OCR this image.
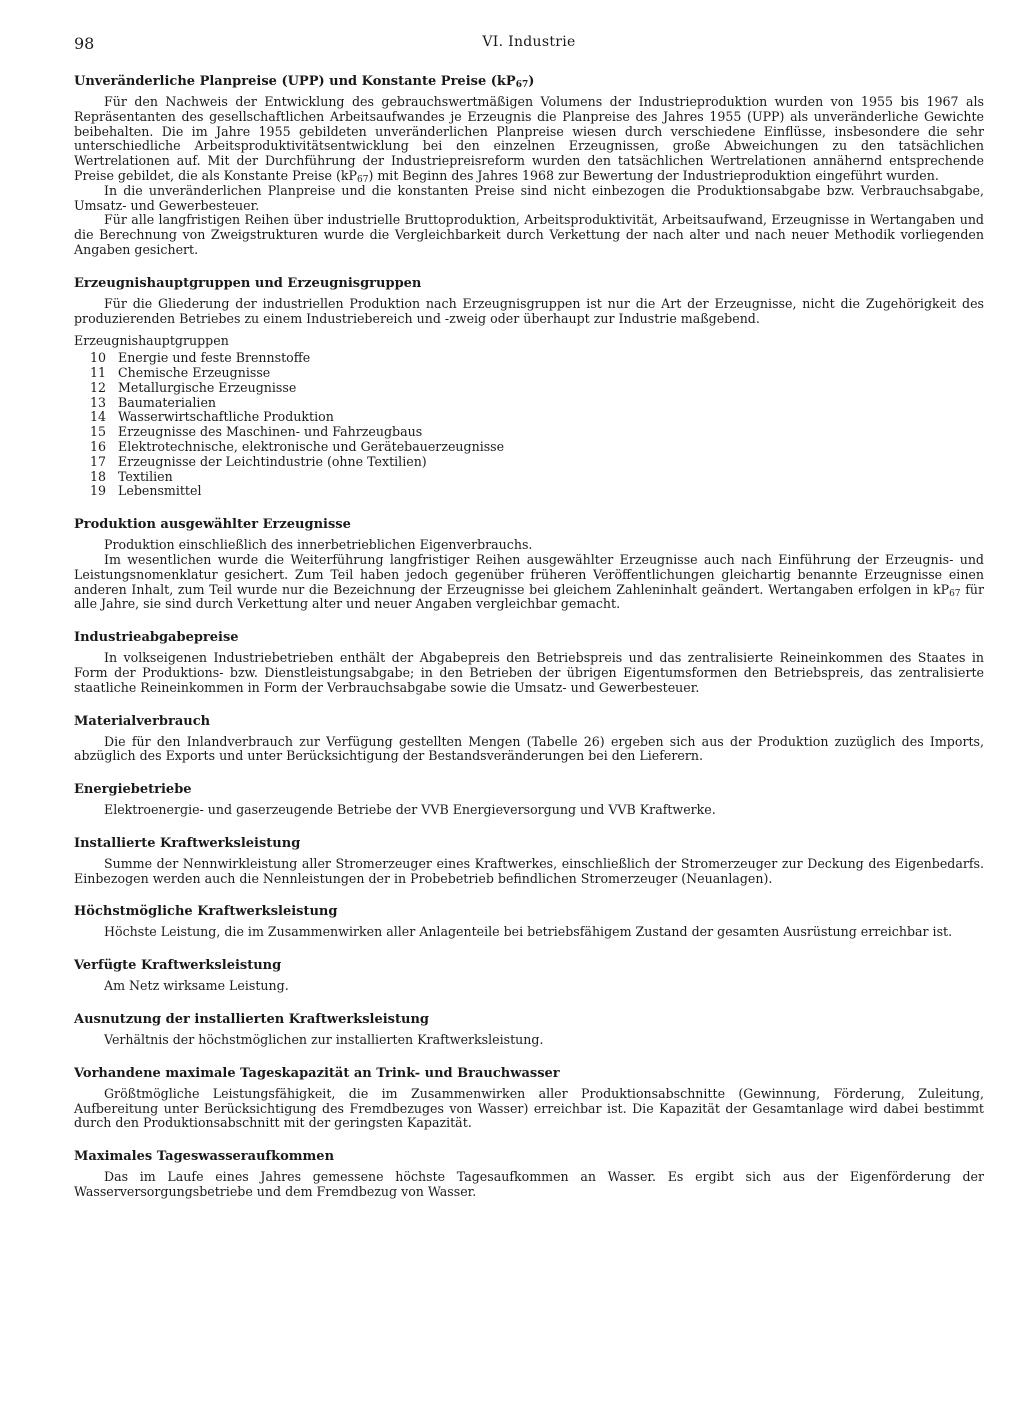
98	VI. Industrie

Unveränderliche Planpreise (UPP) und Konstante Preise $(kP_{67})$

Für den Nachweis der Entwicklung des gebrauchswertmäßigen Volumens der Industrieproduktion wurden von 1955 bis 1967 als Repräsentanten des gesellschaftlichen Arbeitsaufwandes je Erzeugnis die Planpreise des Jahres 1955 (UPP) als unveränderliche Gewichte beibehalten. Die im Jahre 1955 gebildeten unveränderlichen Planpreise wiesen durch verschiedene Einflüsse, insbesondere die sehr unterschiedliche Arbeitsproduktivitätsentwicklung bei den einzelnen Erzeugnissen, große Abweichungen zu den tatsächlichen Wertrelationen auf. Mit der Durchführung der Industriepreisreform wurden den tatsächlichen Wertrelationen annähernd entsprechende Preise gebildet, die als Konstante Preise $(kP_{67})$ mit Beginn des Jahres 1968 zur Bewertung der Industrieproduktion eingeführt wurden.

In die unveränderlichen Planpreise und die konstanten Preise sind nicht einbezogen die Produktionsabgabe bzw. Verbrauchsabgabe, Umsatz- und Gewerbesteuer.

Für alle langfristigen Reihen über industrielle Bruttoproduktion, Arbeitsproduktivität, Arbeitsaufwand, Erzeugnisse in Wertangaben und die Berechnung von Zweigstrukturen wurde die Vergleichbarkeit durch Verkettung der nach alter und nach neuer Methodik vorliegenden Angaben gesichert.

Erzeugnishauptgruppen und Erzeugnisgruppen

Für die Gliederung der industriellen Produktion nach Erzeugnisgruppen ist nur die Art der Erzeugnisse, nicht die Zugehörigkeit des produzierenden Betriebes zu einem Industriebereich und -zweig oder überhaupt zur Industrie maßgebend.

Erzeugnishauptgruppen

10 Energie und feste Brennstoffe
11 Chemische Erzeugnisse
12 Metallurgische Erzeugnisse
13 Baumaterialien
14 Wasserwirtschaftliche Produktion
15 Erzeugnisse des Maschinen- und Fahrzeugbaus
16 Elektrotechnische, elektronische und Gerätebauerzeugnisse
17 Erzeugnisse der Leichtindustrie (ohne Textilien)
18 Textilien
19 Lebensmittel

Produktion ausgewählter Erzeugnisse

Produktion einschließlich des innerbetrieblichen Eigenverbrauchs.

Im wesentlichen wurde die Weiterführung langfristiger Reihen ausgewählter Erzeugnisse auch nach Einführung der Erzeugnis- und Leistungsnomenklatur gesichert. Zum Teil haben jedoch gegenüber früheren Veröffentlichungen gleichartig benannte Erzeugnisse einen anderen Inhalt, zum Teil wurde nur die Bezeichnung der Erzeugnisse bei gleichem Zahleninhalt geändert. Wertangaben erfolgen in $kP_{67}$ für alle Jahre, sie sind durch Verkettung alter und neuer Angaben vergleichbar gemacht.

Industrieabgabepreise

In volkseigenen Industriebetrieben enthält der Abgabepreis den Betriebspreis und das zentralisierte Reineinkommen des Staates in Form der Produktions- bzw. Dienstleistungsabgabe; in den Betrieben der übrigen Eigentumsformen den Betriebspreis, das zentralisierte staatliche Reineinkommen in Form der Verbrauchsabgabe sowie die Umsatz- und Gewerbesteuer.

Materialverbrauch

Die für den Inlandverbrauch zur Verfügung gestellten Mengen (Tabelle 26) ergeben sich aus der Produktion zuzüglich des Imports, abzüglich des Exports und unter Berücksichtigung der Bestandsveränderungen bei den Lieferern.

Energiebetriebe

Elektroenergie- und gaserzeugende Betriebe der VVB Energieversorgung und VVB Kraftwerke.

Installierte Kraftwerksleistung

Summe der Nennwirkleistung aller Stromerzeuger eines Kraftwerkes, einschließlich der Stromerzeuger zur Deckung des Eigenbedarfs. Einbezogen werden auch die Nennleistungen der in Probebetrieb befindlichen Stromerzeuger (Neuanlagen).

Höchstmögliche Kraftwerksleistung

Höchste Leistung, die im Zusammenwirken aller Anlagenteile bei betriebsfähigem Zustand der gesamten Ausrüstung erreichbar ist.

Verfügte Kraftwerksleistung

Am Netz wirksame Leistung.

Ausnutzung der installierten Kraftwerksleistung

Verhältnis der höchstmöglichen zur installierten Kraftwerksleistung.

Vorhandene maximale Tageskapazität an Trink- und Brauchwasser

Größtmögliche Leistungsfähigkeit, die im Zusammenwirken aller Produktionsabschnitte (Gewinnung, Förderung, Zuleitung, Aufbereitung unter Berücksichtigung des Fremdbezuges von Wasser) erreichbar ist. Die Kapazität der Gesamtanlage wird dabei bestimmt durch den Produktionsabschnitt mit der geringsten Kapazität.

Maximales Tageswasseraufkommen

Das im Laufe eines Jahres gemessene höchste Tagesaufkommen an Wasser. Es ergibt sich aus der Eigenförderung der Wasserversorgungsbetriebe und dem Fremdbezug von Wasser.
